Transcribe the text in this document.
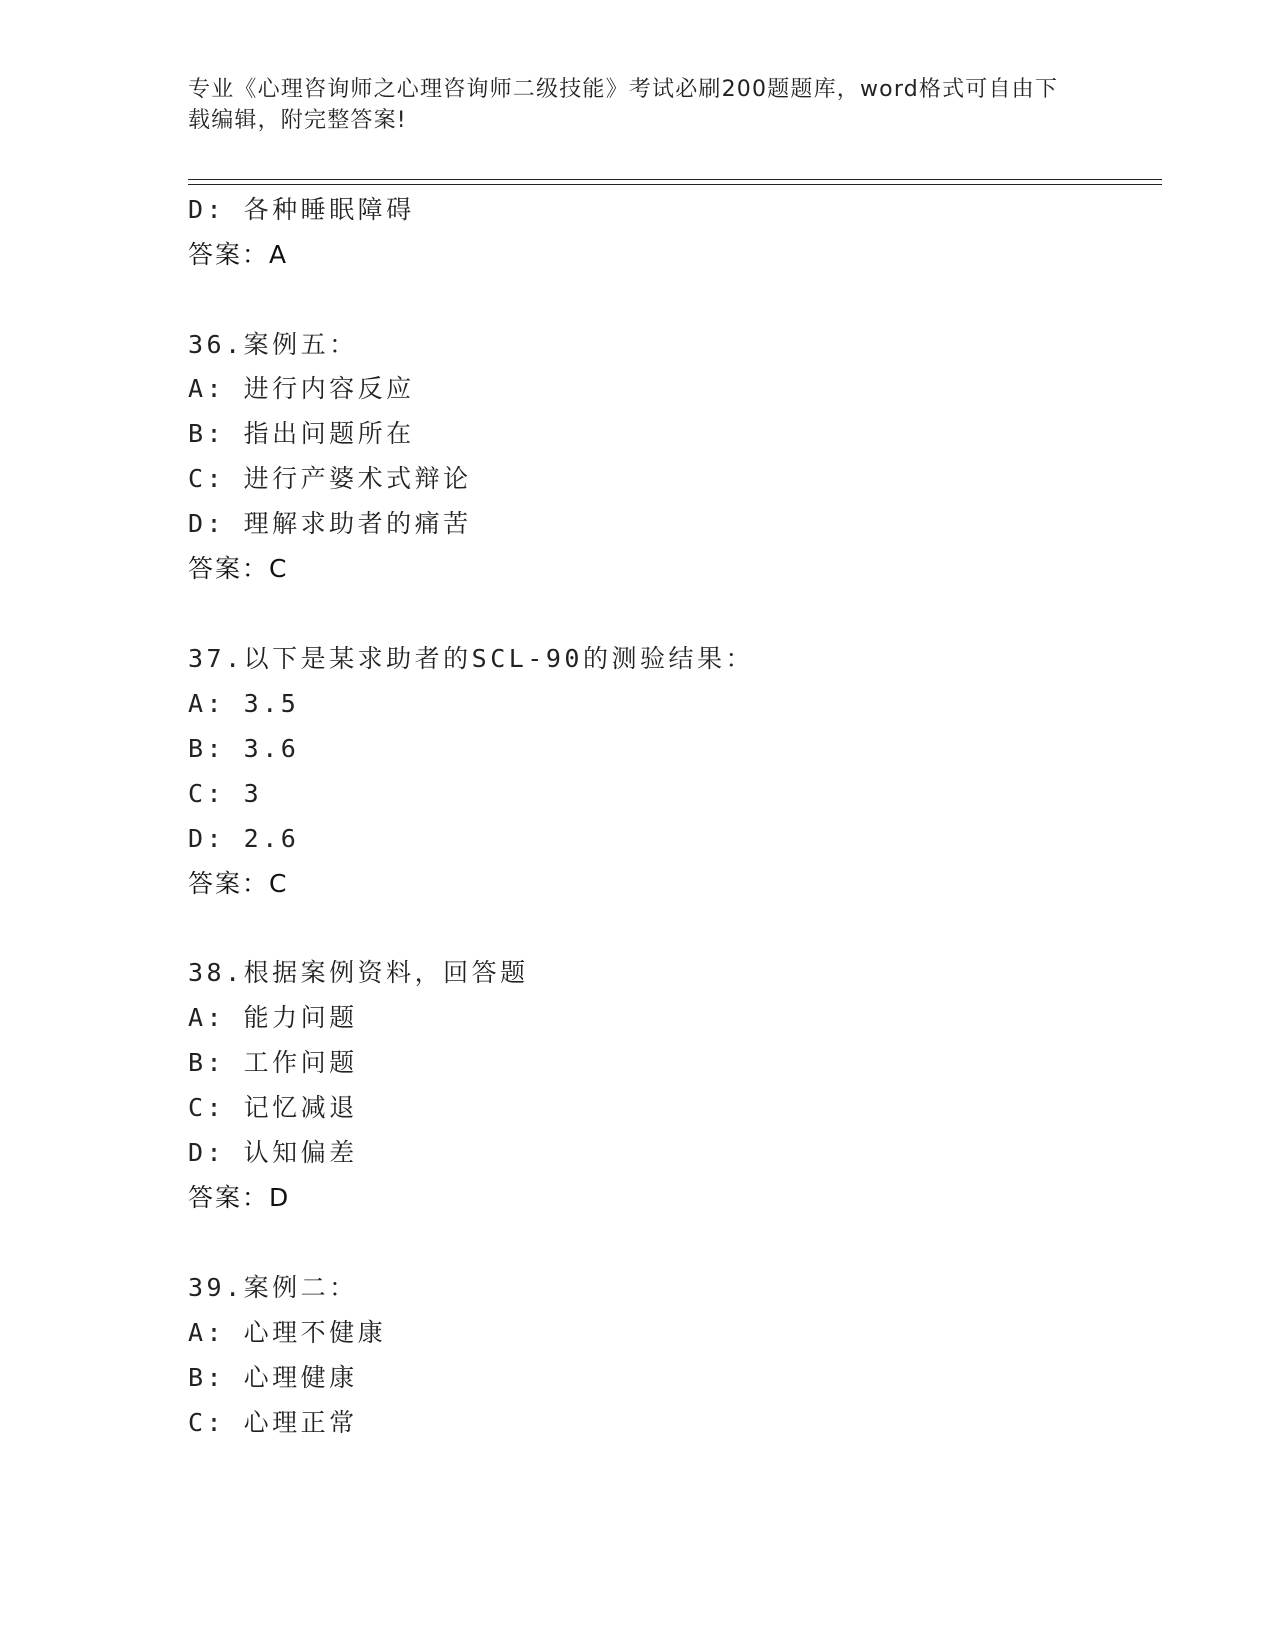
专业《心理咨询师之心理咨询师二级技能》考试必刷200题题库，word格式可自由下载编辑，附完整答案!
D: 各种睡眠障碍
答案：A
36.案例五：
A: 进行内容反应
B: 指出问题所在
C: 进行产婆术式辩论
D: 理解求助者的痛苦
答案：C
37.以下是某求助者的SCL-90的测验结果：
A: 3.5
B: 3.6
C: 3
D: 2.6
答案：C
38.根据案例资料，回答题
A: 能力问题
B: 工作问题
C: 记忆减退
D: 认知偏差
答案：D
39.案例二：
A: 心理不健康
B: 心理健康
C: 心理正常
